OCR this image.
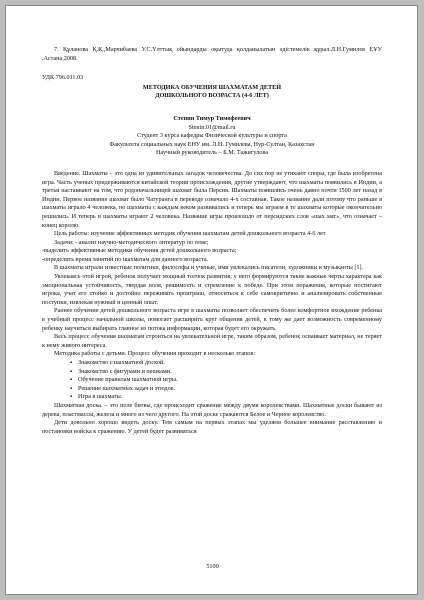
7. Құланова Қ.Қ.,Марчибаева У.С.Үлттық ойындарды оқытуда қолданылатын әдістемелік құрал.Л.Н.Гумилев ЕҰУ .Астана,2008.

УДК 796.011.03

МЕТОДИКА ОБУЧЕНИЯ ШАХМАТАМ ДЕТЕЙ
ДОШКОЛЬНОГО ВОЗРАСТА (4-6 ЛЕТ)
Степин Тимур Тимофеевич
Stenin.01@mail.ru
Студент 3 курса кафедры Физической культуры и спорта
Факультета социальных наук ЕНУ им. Л.Н. Гумилева, Нур-Султан, Казахстан
Научный руководитель – Б.М. Тажигулова

Введение. Шахматы – это одна из удивительных загадок человечества. До сих пор не утихают споры, где была изобретена игра. Часть ученых придерживаются китайской теории происхождения, другие утверждают, что шахматы появились в Индии, а третьи настаивают на том, что родоначальницей шахмат была Персия. Шахматы появились очень давно почти 1500 лет назад в Индии. Первое название шахмат было Чатуранга в переводе означало 4-х составная. Такое название дали потому что раньше в шахматы играло 4 человека, но шахматы с каждым веком развивались и теперь мы играем в те шахматы которые окончательно решились. И теперь в шахматы играют 2 человека. Название игры произошло от персидских слов «шах мат», что означает – конец королю.

Цель работы: изучение эффективных методик обучения шахматам детей дошкольного возраста 4-6 лет

Задачи: - анализ научно-методического литератур по теме;

-выделить эффективные методики обучения детей дошкольного возраста;

-определить время занятий по шахматам для данного возраста.

В шахматы играли известные политики, философы и ученые, ими увлекались писатели, художники и музыканты [1].

Увлекаясь этой игрой, ребенок получает мощный толчок развития, у него формируются такие важные черты характера как эмоциональная устойчивость, твердая воля, решимость и стремление к победе. При этом поражения, которые постигают игрока, учат его стойко и достойно переживать проигрыш, относиться к себе самокритично и анализировать собственные поступки, извлекая нужный и ценный опыт.

Раннее обучение детей дошкольного возраста игре в шахматы позволяет обеспечить более комфортное вхождение ребенка в учебный процесс начальной школы, помогает расширить круг общения детей, к тому же дает возможность современному ребенку научиться выбирать главное из потока информации, которая будет его окружать.

Весь процесс обучения шахматам строиться на увлекательной игре, таким образом, ребенок осваивает материал, не теряет к нему живого интереса.

Методика работы с детьми. Процесс обучения проходит в несколько этапов:

▪ Знакомство с шахматной доской.
▪ Знакомство с фигурами и пешками.
▪ Обучение правилам шахматной игры.
▪ Решение шахматных задач и этюдов.
▪ Игра в шахматы.

Шахматная доска. – это поле битвы, где происходит сражение между двумя королевствами. Шахматные доски бывают из дерева, пластмассы, железа и много из чего другого. На этой доске сражаются Белое и Черное королевство.

Дети довольно хорошо видеть доску. Тем самым на первых этапах мы уделяем большее внимание расставлению и постановки войска к сражению. У детей будет развиваться

5100
